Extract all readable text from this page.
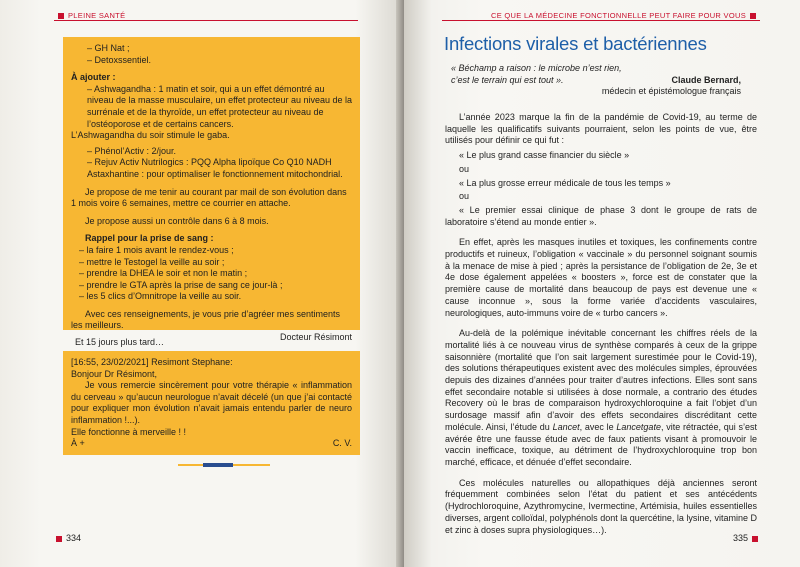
PLEINE SANTÉ
– GH Nat ;
– Detoxssentiel.
À ajouter :
– Ashwagandha : 1 matin et soir, qui a un effet démontré au niveau de la masse musculaire, un effet protecteur au niveau de la surrénale et de la thyroïde, un effet protecteur au niveau de l’ostéoporose et de certains cancers.
L’Ashwagandha du soir stimule le gaba.
– Phénol’Activ : 2/jour.
– Rejuv Activ Nutrilogics : PQQ Alpha lipoïque Co Q10 NADH Astaxhantine : pour optimaliser le fonctionnement mitochondrial.

Je propose de me tenir au courant par mail de son évolution dans 1 mois voire 6 semaines, mettre ce courrier en attache.

Je propose aussi un contrôle dans 6 à 8 mois.

Rappel pour la prise de sang :
– la faire 1 mois avant le rendez-vous ;
– mettre le Testogel la veille au soir ;
– prendre la DHEA le soir et non le matin ;
– prendre le GTA après la prise de sang ce jour-là ;
– les 5 clics d’Omnitrope la veille au soir.

Avec ces renseignements, je vous prie d’agréer mes sentiments les meilleurs.

Docteur Résimont
Et 15 jours plus tard…
[16:55, 23/02/2021] Resimont Stephane:
Bonjour Dr Résimont,

Je vous remercie sincèrement pour votre thérapie « inflammation du cerveau » qu’aucun neurologue n’avait décelé (un que j’ai contacté pour expliquer mon évolution n’avait jamais entendu parler de neuro inflammation !...).

Elle fonctionne à merveille ! !
À +	C. V.
334
CE QUE LA MÉDECINE FONCTIONNELLE PEUT FAIRE POUR VOUS
Infections virales et bactériennes
« Béchamp a raison : le microbe n’est rien,
c’est le terrain qui est tout ».	Claude Bernard,
médecin et épistémologue français

L’année 2023 marque la fin de la pandémie de Covid-19, au terme de laquelle les qualificatifs suivants pourraient, selon les points de vue, être utilisés pour définir ce qui fut :

« Le plus grand casse financier du siècle »

ou

« La plus grosse erreur médicale de tous les temps »

ou

« Le premier essai clinique de phase 3 dont le groupe de rats de laboratoire s’étend au monde entier ».

En effet, après les masques inutiles et toxiques, les confinements contre productifs et ruineux, l’obligation « vaccinale » du personnel soignant soumis à la menace de mise à pied ; après la persistance de l’obligation de 2e, 3e et 4e dose également appelées « boosters », force est de constater que la première cause de mortalité dans beaucoup de pays est devenue une « cause inconnue », sous la forme variée d’accidents vasculaires, neurologiques, auto-immuns voire de « turbo cancers ».

Au-delà de la polémique inévitable concernant les chiffres réels de la mortalité liés à ce nouveau virus de synthèse comparés à ceux de la grippe saisonnière (mortalité que l’on sait largement surestimée pour le Covid-19), des solutions thérapeutiques existent avec des molécules simples, éprouvées depuis des dizaines d’années pour traiter d’autres infections. Elles sont sans effet secondaire notable si utilisées à dose normale, a contrario des études Recovery où le bras de comparaison hydroxychloroquine a fait l’objet d’un surdosage massif afin d’avoir des effets secondaires discréditant cette molécule. Ainsi, l’étude du Lancet, avec le Lancetgate, vite rétractée, qui s’est avérée être une fausse étude avec de faux patients visant à promouvoir le vaccin inefficace, toxique, au détriment de l’hydroxychloroquine trop bon marché, efficace, et dénuée d’effet secondaire.

Ces molécules naturelles ou allopathiques déjà anciennes seront fréquemment combinées selon l’état du patient et ses antécédents (Hydrochloroquine, Azythromycine, Ivermectine, Artémisia, huiles essentielles diverses, argent colloïdal, polyphénols dont la quercétine, la lysine, vitamine D et zinc à doses supra physiologiques…).

335
